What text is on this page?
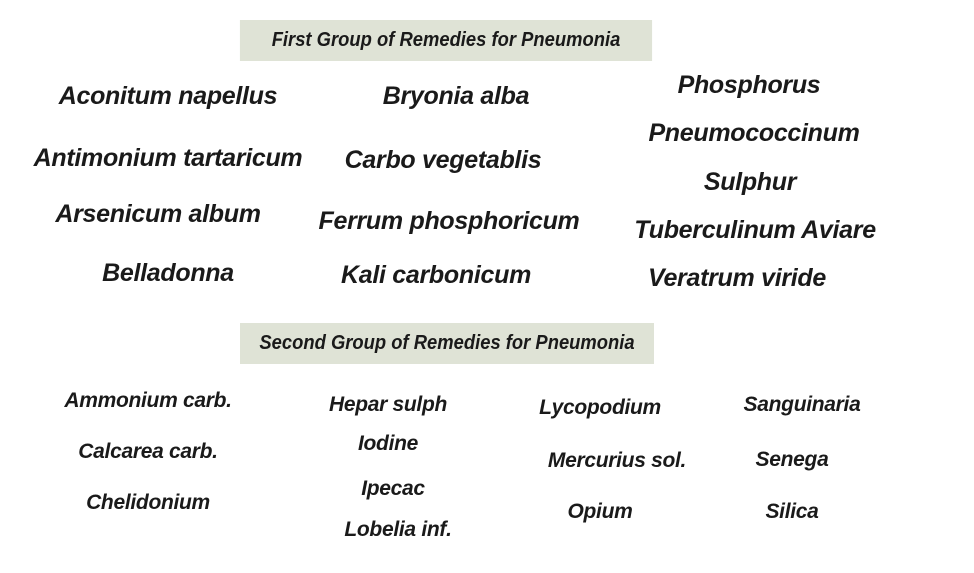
First Group of Remedies for Pneumonia
Aconitum napellus
Antimonium tartaricum
Arsenicum album
Belladonna
Bryonia alba
Carbo vegetablis
Ferrum phosphoricum
Kali carbonicum
Phosphorus
Pneumococcinum
Sulphur
Tuberculinum Aviare
Veratrum viride
Second Group of Remedies for Pneumonia
Ammonium carb.
Calcarea carb.
Chelidonium
Hepar sulph
Iodine
Ipecac
Lobelia inf.
Lycopodium
Mercurius sol.
Opium
Sanguinaria
Senega
Silica
